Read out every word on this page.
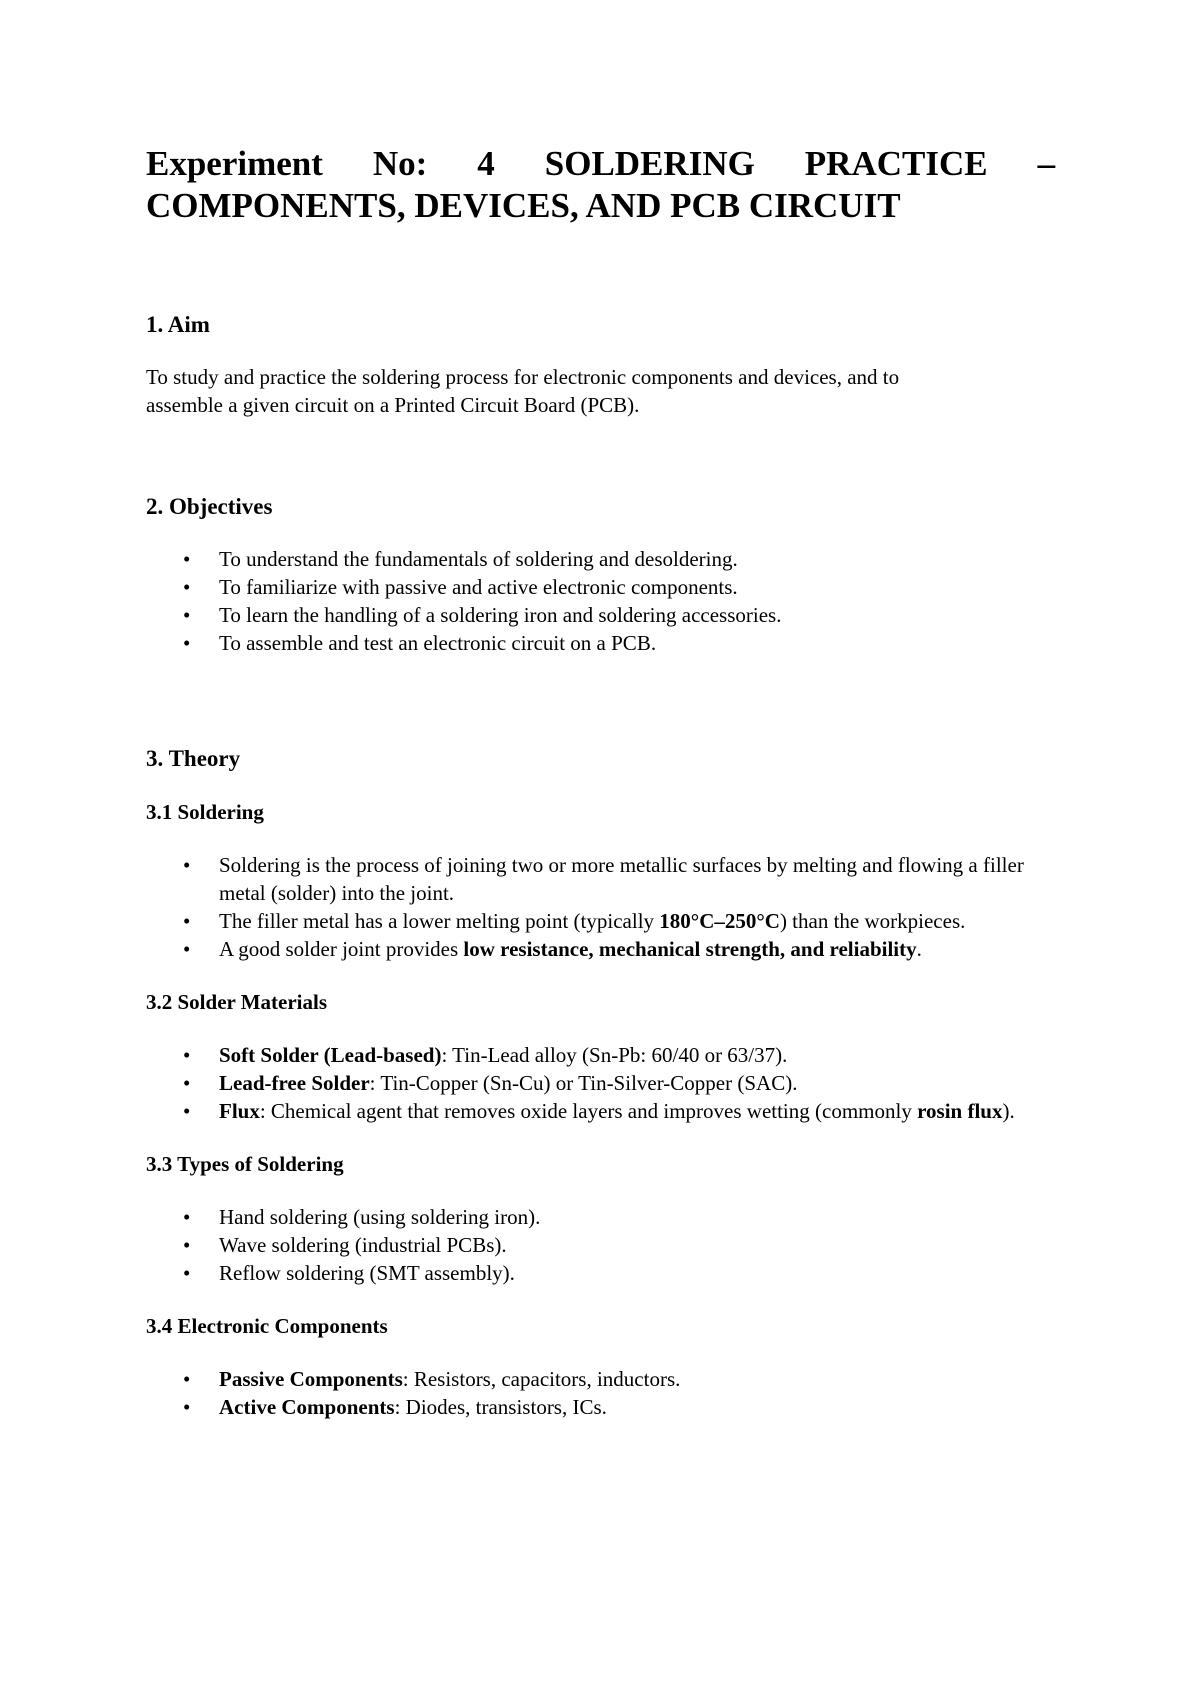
Experiment No: 4 SOLDERING PRACTICE –
COMPONENTS, DEVICES, AND PCB CIRCUIT
1. Aim

To study and practice the soldering process for electronic components and devices, and to
assemble a given circuit on a Printed Circuit Board (PCB).

2. Objectives
• To understand the fundamentals of soldering and desoldering.
• To familiarize with passive and active electronic components.
• To learn the handling of a soldering iron and soldering accessories.
• To assemble and test an electronic circuit on a PCB.
3. Theory
3.1 Soldering
• Soldering is the process of joining two or more metallic surfaces by melting and flowing a filler metal (solder) into the joint.
• The filler metal has a lower melting point (typically 180°C–250°C) than the workpieces.
• A good solder joint provides low resistance, mechanical strength, and reliability.
3.2 Solder Materials
• Soft Solder (Lead-based): Tin-Lead alloy (Sn-Pb: 60/40 or 63/37).
• Lead-free Solder: Tin-Copper (Sn-Cu) or Tin-Silver-Copper (SAC).
• Flux: Chemical agent that removes oxide layers and improves wetting (commonly rosin flux).
3.3 Types of Soldering
• Hand soldering (using soldering iron).
• Wave soldering (industrial PCBs).
• Reflow soldering (SMT assembly).
3.4 Electronic Components
• Passive Components: Resistors, capacitors, inductors.
• Active Components: Diodes, transistors, ICs.
